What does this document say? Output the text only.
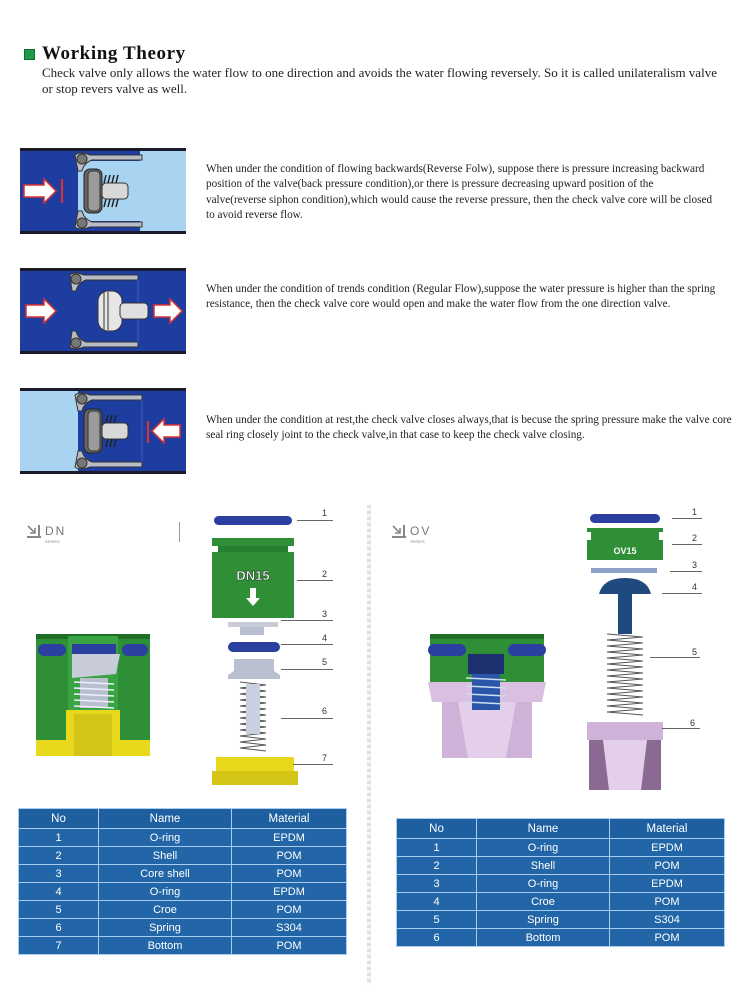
Working Theory
Check valve only allows the water flow to one direction and avoids the water flowing reversely. So it is called unilateralism valve or stop revers valve as well.
When under the condition of flowing backwards(Reverse Folw), suppose there is pressure increasing backward position of the valve(back pressure condition),or there is pressure decreasing upward position of the valve(reverse siphon condition),which would cause the reverse pressure, then the check valve core will be closed to avoid reverse flow.
When under the condition of trends condition (Regular Flow),suppose the water pressure is higher than the spring resistance, then the check valve core would open and make the water flow from the one direction valve.
When under the condition at rest,the check valve closes always,that is becuse the spring pressure make the valve core seal ring closely joint to the check valve,in that case to keep the check valve closing.
DN
SERIES
DN15
1
2
3
4
5
6
7
No	Name	Material
1	O-ring	EPDM
2	Shell	POM
3	Core shell	POM
4	O-ring	EPDM
5	Croe	POM
6	Spring	S304
7	Bottom	POM
OV
SERIES
OV15
1
2
3
4
5
6
No	Name	Material
1	O-ring	EPDM
2	Shell	POM
3	O-ring	EPDM
4	Croe	POM
5	Spring	S304
6	Bottom	POM
